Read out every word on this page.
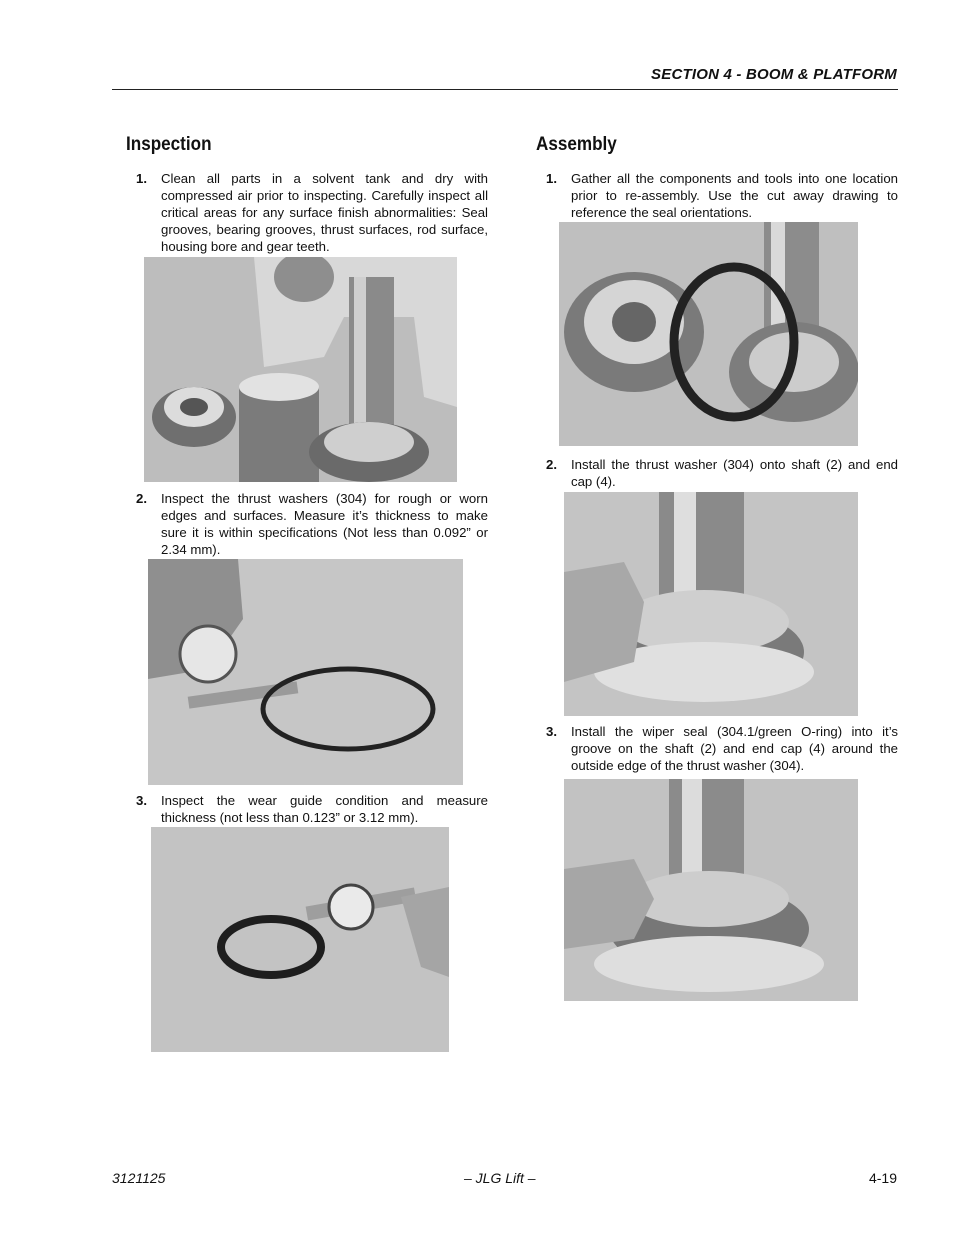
SECTION 4 - BOOM & PLATFORM
Inspection
1. Clean all parts in a solvent tank and dry with compressed air prior to inspecting. Carefully inspect all critical areas for any surface finish abnormalities: Seal grooves, bearing grooves, thrust surfaces, rod surface, housing bore and gear teeth.
2. Inspect the thrust washers (304) for rough or worn edges and surfaces. Measure it’s thickness to make sure it is within specifications (Not less than 0.092” or 2.34 mm).
3. Inspect the wear guide condition and measure thickness (not less than 0.123” or 3.12 mm).
Assembly
1. Gather all the components and tools into one location prior to re-assembly. Use the cut away drawing to reference the seal orientations.
2. Install the thrust washer (304) onto shaft (2) and end cap (4).
3. Install the wiper seal (304.1/green O-ring) into it’s groove on the shaft (2) and end cap (4) around the outside edge of the thrust washer (304).
3121125	– JLG Lift –	4-19
